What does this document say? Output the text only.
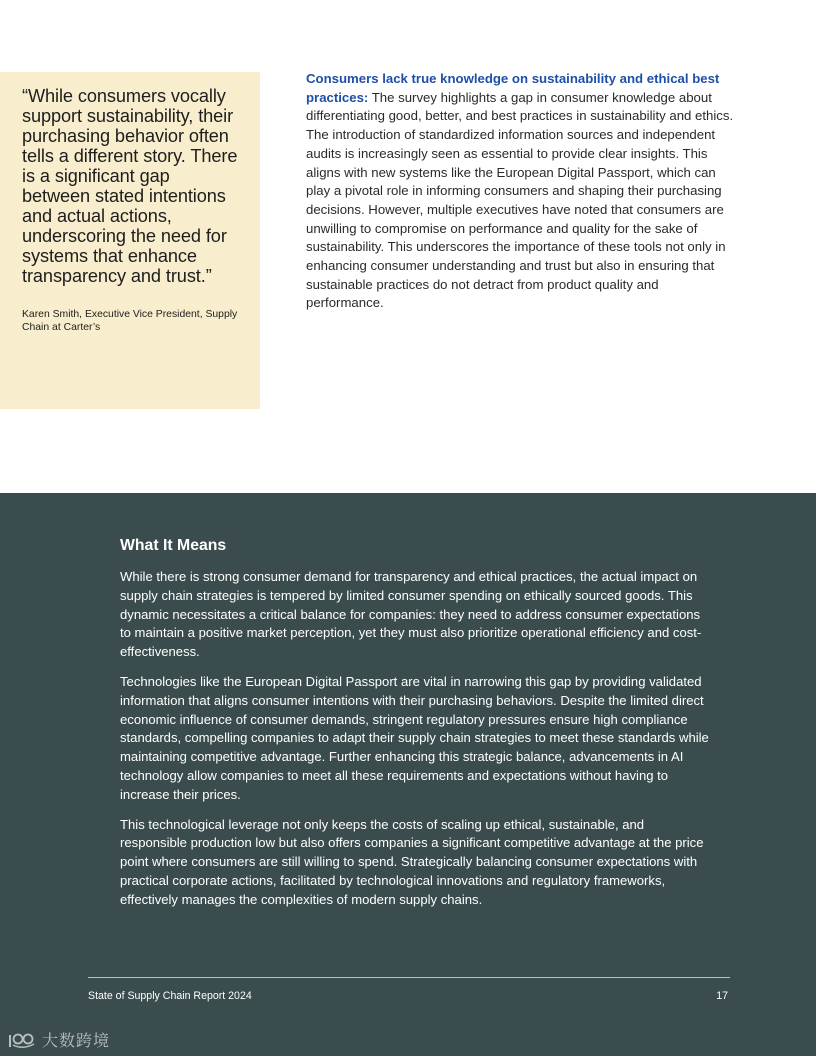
“While consumers vocally support sustainability, their purchasing behavior often tells a different story. There is a significant gap between stated intentions and actual actions, underscoring the need for systems that enhance transparency and trust.”

Karen Smith, Executive Vice President, Supply Chain at Carter’s

Consumers lack true knowledge on sustainability and ethical best practices: The survey highlights a gap in consumer knowledge about differentiating good, better, and best practices in sustainability and ethics. The introduction of standardized information sources and independent audits is increasingly seen as essential to provide clear insights. This aligns with new systems like the European Digital Passport, which can play a pivotal role in informing consumers and shaping their purchasing decisions. However, multiple executives have noted that consumers are unwilling to compromise on performance and quality for the sake of sustainability. This underscores the importance of these tools not only in enhancing consumer understanding and trust but also in ensuring that sustainable practices do not detract from product quality and performance.
What It Means

While there is strong consumer demand for transparency and ethical practices, the actual impact on supply chain strategies is tempered by limited consumer spending on ethically sourced goods. This dynamic necessitates a critical balance for companies: they need to address consumer expectations to maintain a positive market perception, yet they must also prioritize operational efficiency and cost-effectiveness.

Technologies like the European Digital Passport are vital in narrowing this gap by providing validated information that aligns consumer intentions with their purchasing behaviors. Despite the limited direct economic influence of consumer demands, stringent regulatory pressures ensure high compliance standards, compelling companies to adapt their supply chain strategies to meet these standards while maintaining competitive advantage. Further enhancing this strategic balance, advancements in AI technology allow companies to meet all these requirements and expectations without having to increase their prices.

This technological leverage not only keeps the costs of scaling up ethical, sustainable, and responsible production low but also offers companies a significant competitive advantage at the price point where consumers are still willing to spend. Strategically balancing consumer expectations with practical corporate actions, facilitated by technological innovations and regulatory frameworks, effectively manages the complexities of modern supply chains.

State of Supply Chain Report 2024	17
大数跨境
